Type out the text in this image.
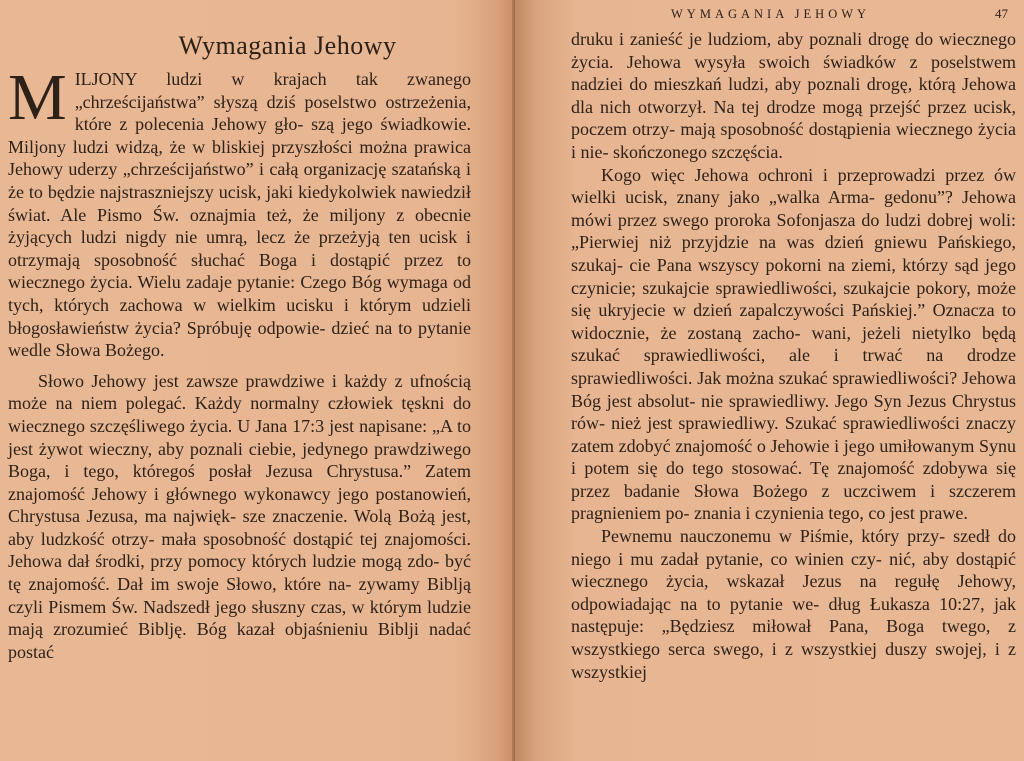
Wymagania Jehowy

MILJONY ludzi w krajach tak zwanego „chrześcijaństwa” słyszą dziś poselstwo ostrzeżenia, które z polecenia Jehowy gło- szą jego świadkowie. Miljony ludzi widzą, że w bliskiej przyszłości można prawica Jehowy uderzy „chrześcijaństwo” i całą organizację szatańską i że to będzie najstraszniejszy ucisk, jaki kiedykolwiek nawiedził świat. Ale Pismo Św. oznajmia też, że miljony z obecnie żyjących ludzi nigdy nie umrą, lecz że przeżyją ten ucisk i otrzymają sposobność słuchać Boga i dostąpić przez to wiecznego życia. Wielu zadaje pytanie: Czego Bóg wymaga od tych, których zachowa w wielkim ucisku i którym udzieli błogosławieństw życia? Spróbuję odpowie- dzieć na to pytanie wedle Słowa Bożego.

Słowo Jehowy jest zawsze prawdziwe i każdy z ufnością może na niem polegać. Każdy normalny człowiek tęskni do wiecznego szczęśliwego życia. U Jana 17:3 jest napisane: „A to jest żywot wieczny, aby poznali ciebie, jedynego prawdziwego Boga, i tego, któregoś posłał Jezusa Chrystusa.” Zatem znajomość Jehowy i głównego wykonawcy jego postanowień, Chrystusa Jezusa, ma najwięk- sze znaczenie. Wolą Bożą jest, aby ludzkość otrzy- mała sposobność dostąpić tej znajomości. Jehowa dał środki, przy pomocy których ludzie mogą zdo- być tę znajomość. Dał im swoje Słowo, które na- zywamy Biblją czyli Pismem Św. Nadszedł jego słuszny czas, w którym ludzie mają zrozumieć Biblję. Bóg kazał objaśnieniu Biblji nadać postać

WYMAGANIA JEHOWY	47

druku i zanieść je ludziom, aby poznali drogę do wiecznego życia. Jehowa wysyła swoich świadków z poselstwem nadziei do mieszkań ludzi, aby poznali drogę, którą Jehowa dla nich otworzył. Na tej drodze mogą przejść przez ucisk, poczem otrzy- mają sposobność dostąpienia wiecznego życia i nie- skończonego szczęścia.

Kogo więc Jehowa ochroni i przeprowadzi przez ów wielki ucisk, znany jako „walka Arma- gedonu”? Jehowa mówi przez swego proroka Sofonjasza do ludzi dobrej woli: „Pierwiej niż przyjdzie na was dzień gniewu Pańskiego, szukaj- cie Pana wszyscy pokorni na ziemi, którzy sąd jego czynicie; szukajcie sprawiedliwości, szukajcie pokory, może się ukryjecie w dzień zapalczywości Pańskiej.” Oznacza to widocznie, że zostaną zacho- wani, jeżeli nietylko będą szukać sprawiedliwości, ale i trwać na drodze sprawiedliwości. Jak można szukać sprawiedliwości? Jehowa Bóg jest absolut- nie sprawiedliwy. Jego Syn Jezus Chrystus rów- nież jest sprawiedliwy. Szukać sprawiedliwości znaczy zatem zdobyć znajomość o Jehowie i jego umiłowanym Synu i potem się do tego stosować. Tę znajomość zdobywa się przez badanie Słowa Bożego z uczciwem i szczerem pragnieniem po- znania i czynienia tego, co jest prawe.

Pewnemu nauczonemu w Piśmie, który przy- szedł do niego i mu zadał pytanie, co winien czy- nić, aby dostąpić wiecznego życia, wskazał Jezus na regułę Jehowy, odpowiadając na to pytanie we- dług Łukasza 10:27, jak następuje: „Będziesz miłował Pana, Boga twego, z wszystkiego serca swego, i z wszystkiej duszy swojej, i z wszystkiej
